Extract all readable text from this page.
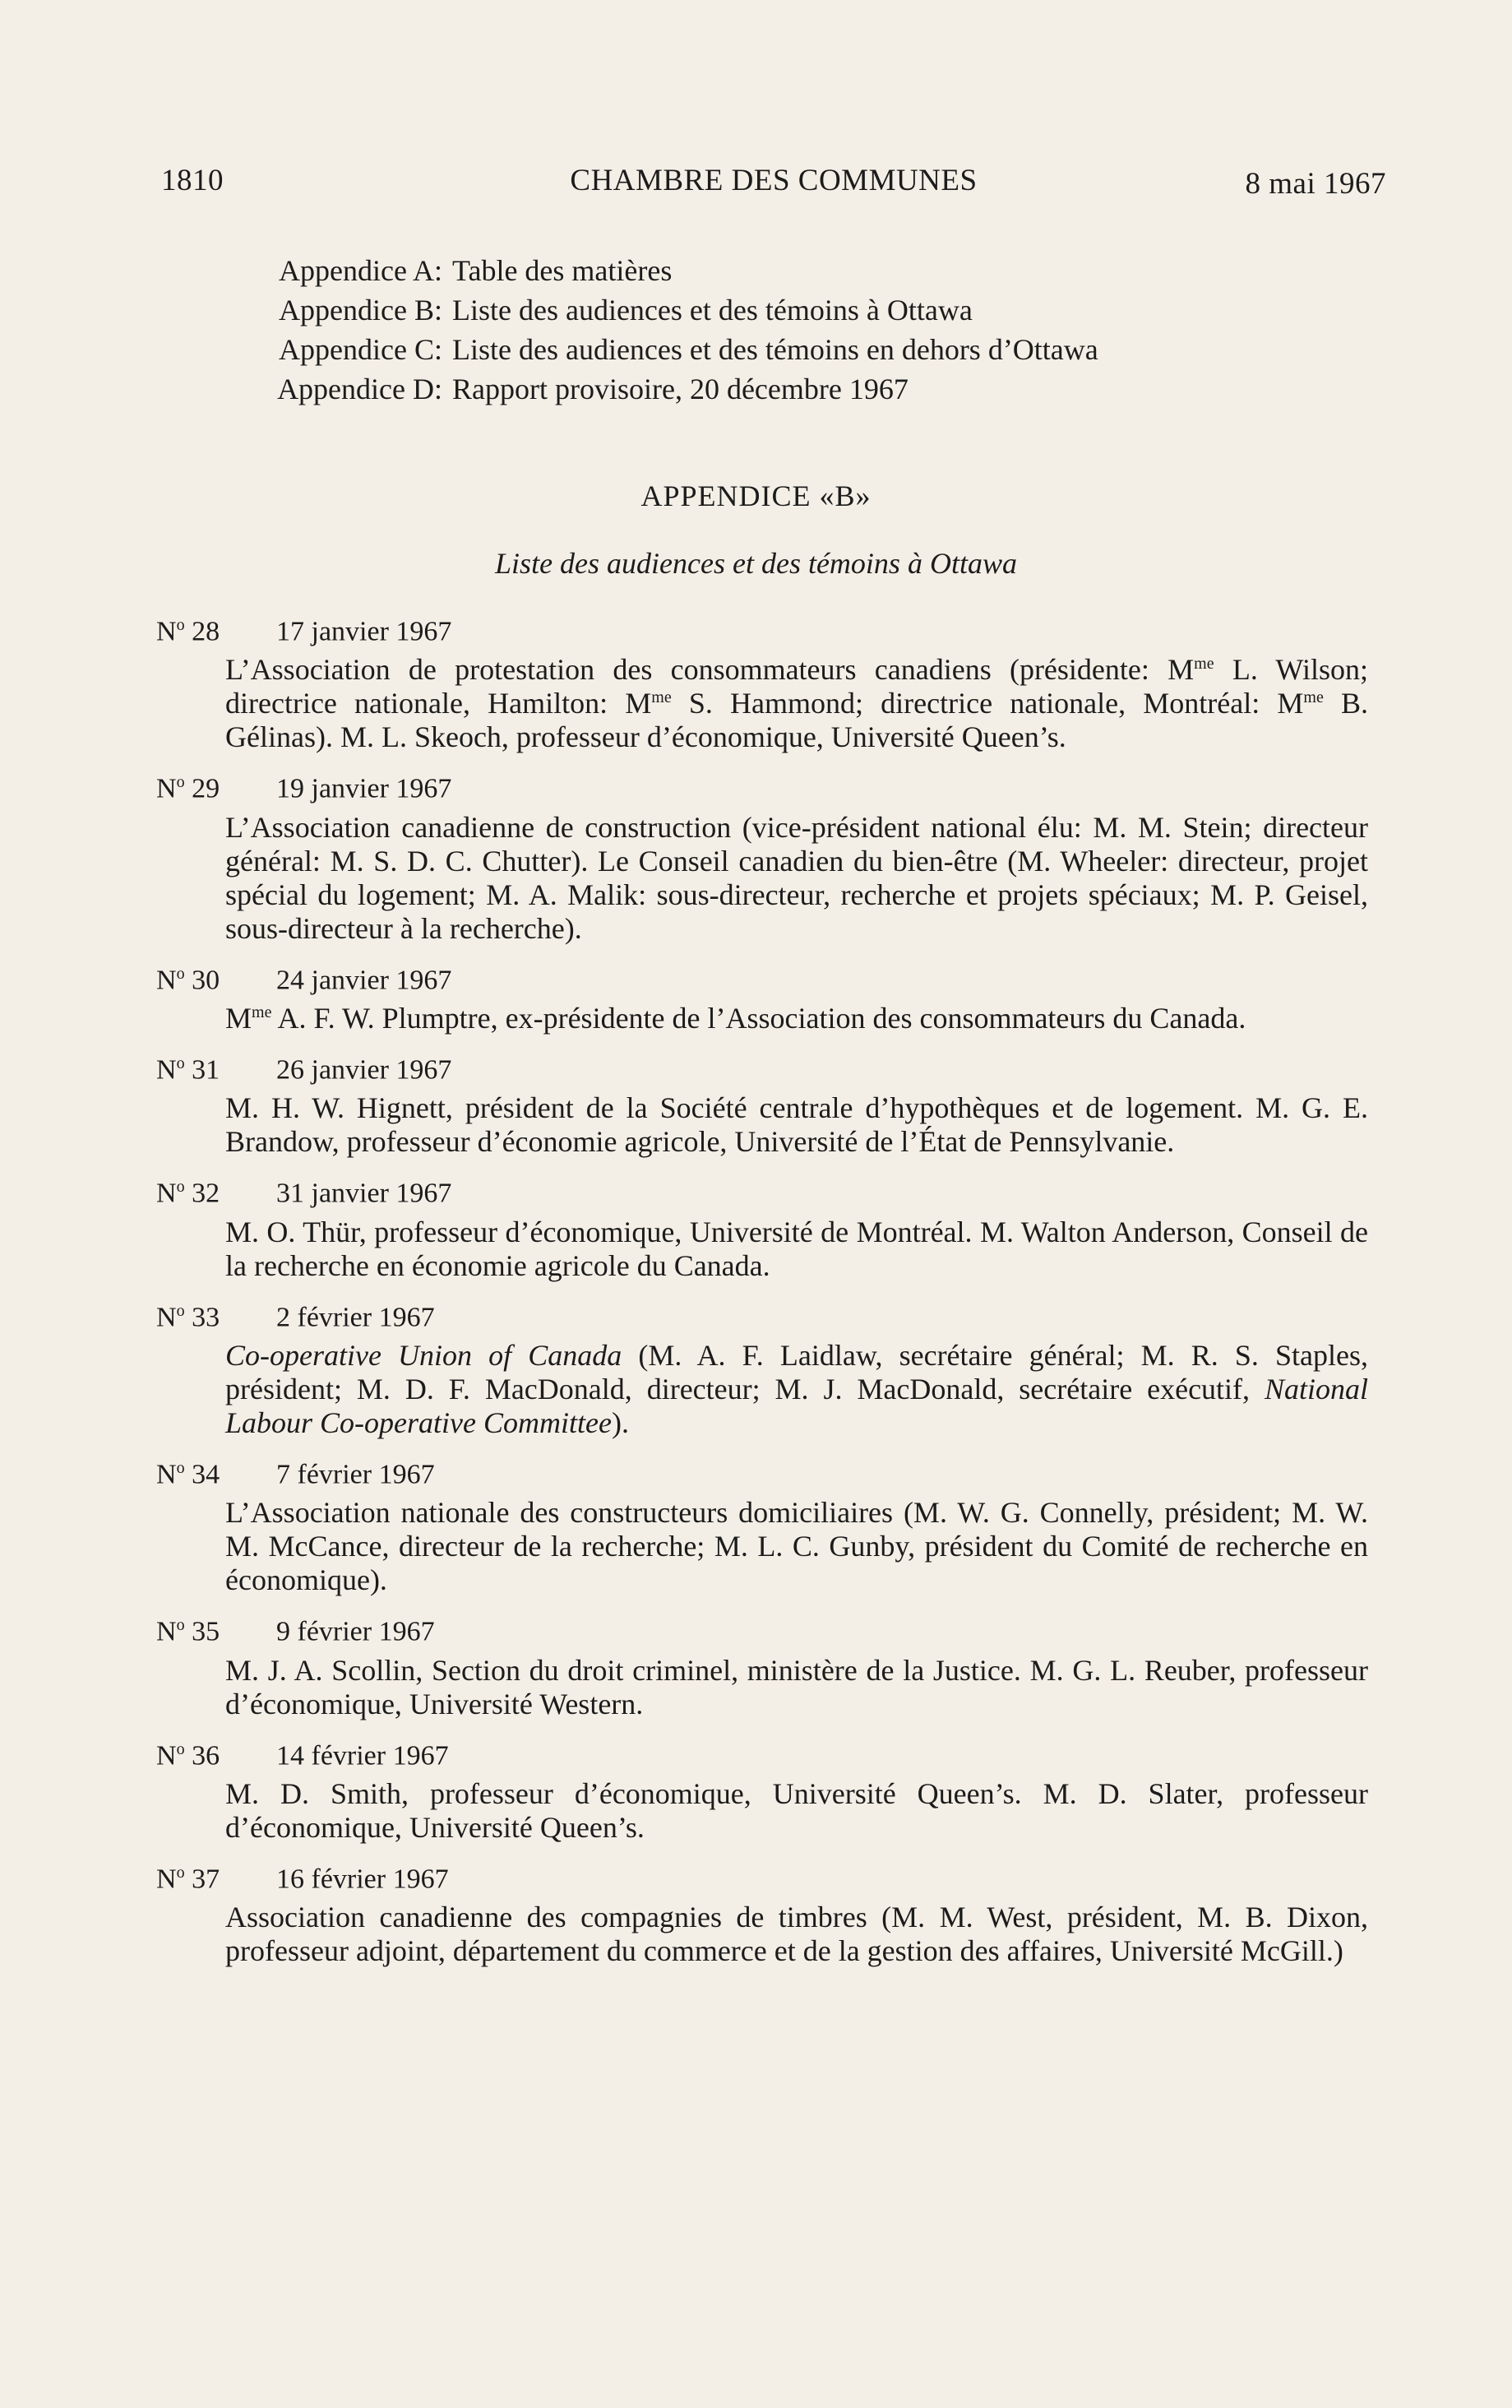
1810	CHAMBRE DES COMMUNES	8 mai 1967
Appendice A: Table des matières
Appendice B: Liste des audiences et des témoins à Ottawa
Appendice C: Liste des audiences et des témoins en dehors d’Ottawa
Appendice D: Rapport provisoire, 20 décembre 1967
APPENDICE «B»
Liste des audiences et des témoins à Ottawa
$N^o$ 28 17 janvier 1967
L’Association de protestation des consommateurs canadiens (présidente: $M^{me}$ L. Wilson; directrice nationale, Hamilton: $M^{me}$ S. Hammond; directrice nationale, Montréal: $M^{me}$ B. Gélinas). M. L. Skeoch, professeur d’économique, Université Queen’s.
$N^o$ 29 19 janvier 1967
L’Association canadienne de construction (vice-président national élu: M. M. Stein; directeur général: M. S. D. C. Chutter). Le Conseil canadien du bien-être (M. Wheeler: directeur, projet spécial du logement; M. A. Malik: sous-directeur, recherche et projets spéciaux; M. P. Geisel, sous-directeur à la recherche).
$N^o$ 30 24 janvier 1967
$M^{me}$ A. F. W. Plumptre, ex-présidente de l’Association des consommateurs du Canada.
$N^o$ 31 26 janvier 1967
M. H. W. Hignett, président de la Société centrale d’hypothèques et de logement. M. G. E. Brandow, professeur d’économie agricole, Université de l’État de Pennsylvanie.
$N^o$ 32 31 janvier 1967
M. O. Thür, professeur d’économique, Université de Montréal. M. Walton Anderson, Conseil de la recherche en économie agricole du Canada.
$N^o$ 33 2 février 1967
Co-operative Union of Canada (M. A. F. Laidlaw, secrétaire général; M. R. S. Staples, président; M. D. F. MacDonald, directeur; M. J. MacDonald, secrétaire exécutif, National Labour Co-operative Committee).
$N^o$ 34 7 février 1967
L’Association nationale des constructeurs domiciliaires (M. W. G. Connelly, président; M. W. M. McCance, directeur de la recherche; M. L. C. Gunby, président du Comité de recherche en économique).
$N^o$ 35 9 février 1967
M. J. A. Scollin, Section du droit criminel, ministère de la Justice. M. G. L. Reuber, professeur d’économique, Université Western.
$N^o$ 36 14 février 1967
M. D. Smith, professeur d’économique, Université Queen’s. M. D. Slater, professeur d’économique, Université Queen’s.
$N^o$ 37 16 février 1967
Association canadienne des compagnies de timbres (M. M. West, président, M. B. Dixon, professeur adjoint, département du commerce et de la gestion des affaires, Université McGill.)
